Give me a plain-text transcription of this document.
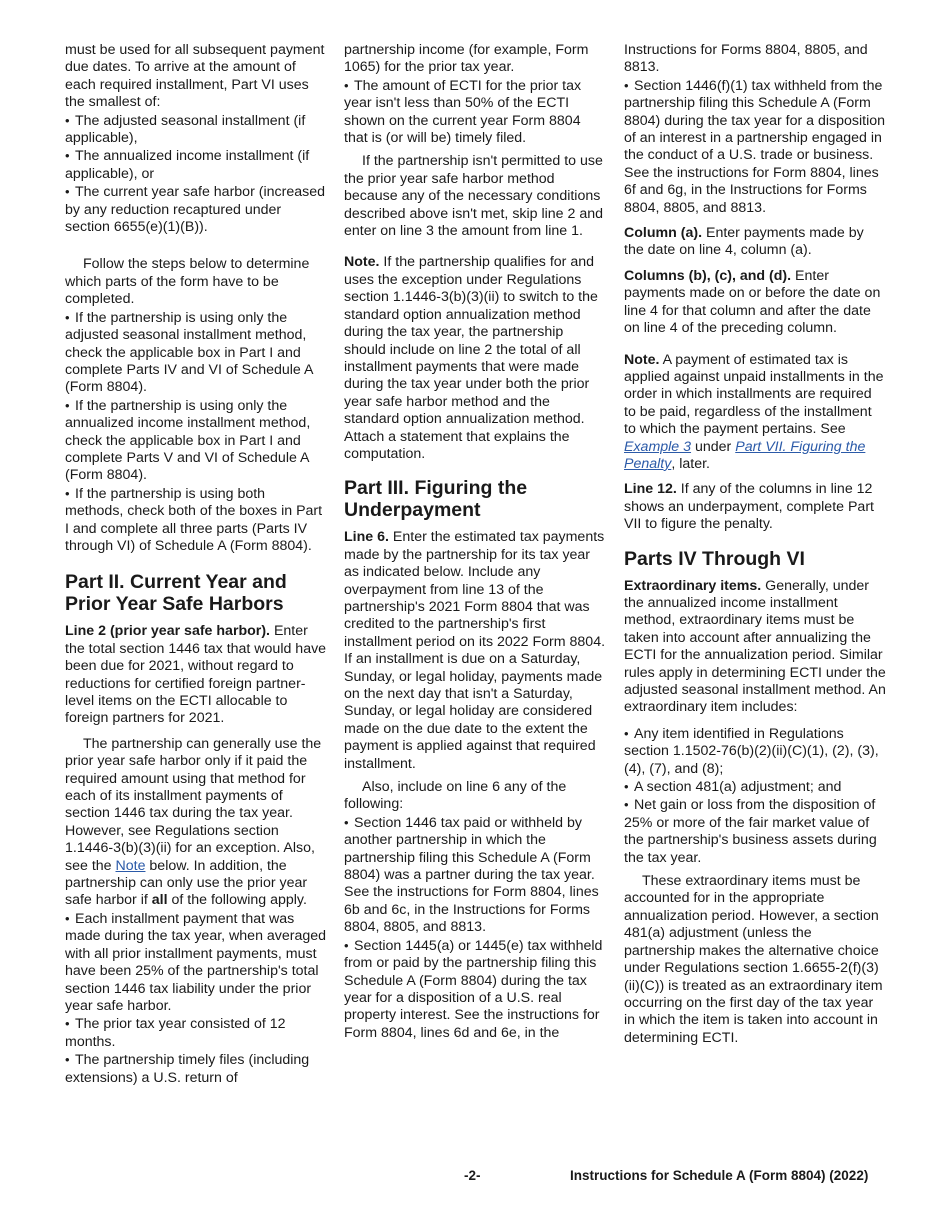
must be used for all subsequent payment due dates. To arrive at the amount of each required installment, Part VI uses the smallest of:

• The adjusted seasonal installment (if applicable),

• The annualized income installment (if applicable), or

• The current year safe harbor (increased by any reduction recaptured under section 6655(e)(1)(B)).

Follow the steps below to determine which parts of the form have to be completed.

• If the partnership is using only the adjusted seasonal installment method, check the applicable box in Part I and complete Parts IV and VI of Schedule A (Form 8804).

• If the partnership is using only the annualized income installment method, check the applicable box in Part I and complete Parts V and VI of Schedule A (Form 8804).

• If the partnership is using both methods, check both of the boxes in Part I and complete all three parts (Parts IV through VI) of Schedule A (Form 8804).

Part II. Current Year and Prior Year Safe Harbors

Line 2 (prior year safe harbor). Enter the total section 1446 tax that would have been due for 2021, without regard to reductions for certified foreign partner-level items on the ECTI allocable to foreign partners for 2021.

The partnership can generally use the prior year safe harbor only if it paid the required amount using that method for each of its installment payments of section 1446 tax during the tax year. However, see Regulations section 1.1446-3(b)(3)(ii) for an exception. Also, see the Note below. In addition, the partnership can only use the prior year safe harbor if all of the following apply.

• Each installment payment that was made during the tax year, when averaged with all prior installment payments, must have been 25% of the partnership's total section 1446 tax liability under the prior year safe harbor.

• The prior tax year consisted of 12 months.

• The partnership timely files (including extensions) a U.S. return of

partnership income (for example, Form 1065) for the prior tax year.

• The amount of ECTI for the prior tax year isn't less than 50% of the ECTI shown on the current year Form 8804 that is (or will be) timely filed.

If the partnership isn't permitted to use the prior year safe harbor method because any of the necessary conditions described above isn't met, skip line 2 and enter on line 3 the amount from line 1.

Note. If the partnership qualifies for and uses the exception under Regulations section 1.1446-3(b)(3)(ii) to switch to the standard option annualization method during the tax year, the partnership should include on line 2 the total of all installment payments that were made during the tax year under both the prior year safe harbor method and the standard option annualization method. Attach a statement that explains the computation.

Part III. Figuring the Underpayment

Line 6. Enter the estimated tax payments made by the partnership for its tax year as indicated below. Include any overpayment from line 13 of the partnership's 2021 Form 8804 that was credited to the partnership's first installment period on its 2022 Form 8804. If an installment is due on a Saturday, Sunday, or legal holiday, payments made on the next day that isn't a Saturday, Sunday, or legal holiday are considered made on the due date to the extent the payment is applied against that required installment.

Also, include on line 6 any of the following:

• Section 1446 tax paid or withheld by another partnership in which the partnership filing this Schedule A (Form 8804) was a partner during the tax year. See the instructions for Form 8804, lines 6b and 6c, in the Instructions for Forms 8804, 8805, and 8813.

• Section 1445(a) or 1445(e) tax withheld from or paid by the partnership filing this Schedule A (Form 8804) during the tax year for a disposition of a U.S. real property interest. See the instructions for Form 8804, lines 6d and 6e, in the

Instructions for Forms 8804, 8805, and 8813.

• Section 1446(f)(1) tax withheld from the partnership filing this Schedule A (Form 8804) during the tax year for a disposition of an interest in a partnership engaged in the conduct of a U.S. trade or business. See the instructions for Form 8804, lines 6f and 6g, in the Instructions for Forms 8804, 8805, and 8813.

Column (a). Enter payments made by the date on line 4, column (a).

Columns (b), (c), and (d). Enter payments made on or before the date on line 4 for that column and after the date on line 4 of the preceding column.

Note. A payment of estimated tax is applied against unpaid installments in the order in which installments are required to be paid, regardless of the installment to which the payment pertains. See Example 3 under Part VII. Figuring the Penalty, later.

Line 12. If any of the columns in line 12 shows an underpayment, complete Part VII to figure the penalty.

Parts IV Through VI

Extraordinary items. Generally, under the annualized income installment method, extraordinary items must be taken into account after annualizing the ECTI for the annualization period. Similar rules apply in determining ECTI under the adjusted seasonal installment method. An extraordinary item includes:

• Any item identified in Regulations section 1.1502-76(b)(2)(ii)(C)(1), (2), (3), (4), (7), and (8);

• A section 481(a) adjustment; and

• Net gain or loss from the disposition of 25% or more of the fair market value of the partnership's business assets during the tax year.

These extraordinary items must be accounted for in the appropriate annualization period. However, a section 481(a) adjustment (unless the partnership makes the alternative choice under Regulations section 1.6655-2(f)(3)(ii)(C)) is treated as an extraordinary item occurring on the first day of the tax year in which the item is taken into account in determining ECTI.

-2-	Instructions for Schedule A (Form 8804) (2022)
